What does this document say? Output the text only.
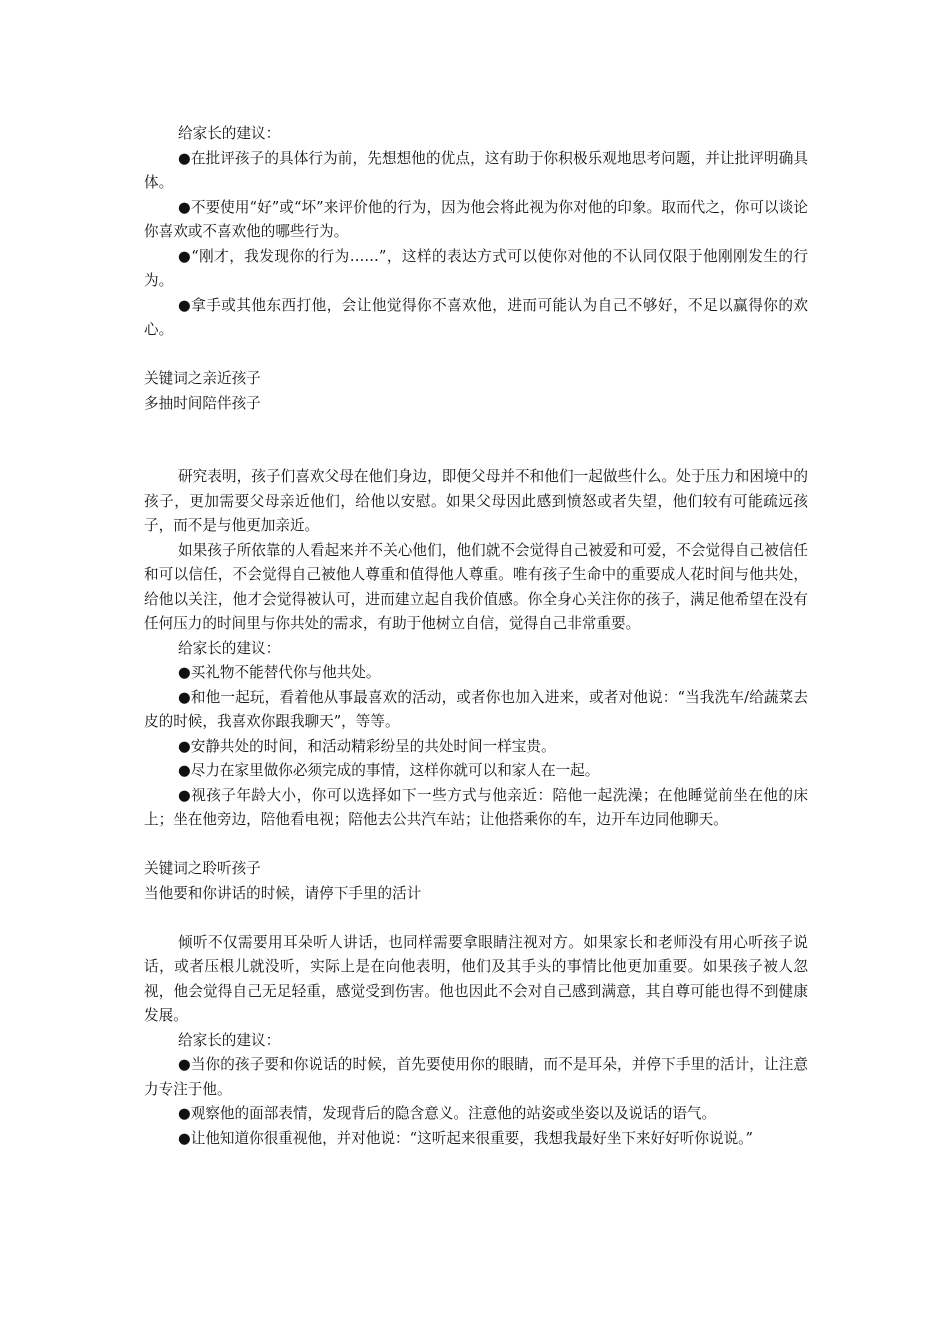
给家长的建议：

●在批评孩子的具体行为前，先想想他的优点，这有助于你积极乐观地思考问题，并让批评明确具体。

●不要使用“好”或“坏”来评价他的行为，因为他会将此视为你对他的印象。取而代之，你可以谈论你喜欢或不喜欢他的哪些行为。

●“刚才，我发现你的行为……”，这样的表达方式可以使你对他的不认同仅限于他刚刚发生的行为。

●拿手或其他东西打他，会让他觉得你不喜欢他，进而可能认为自己不够好，不足以赢得你的欢心。

关键词之亲近孩子

多抽时间陪伴孩子

研究表明，孩子们喜欢父母在他们身边，即便父母并不和他们一起做些什么。处于压力和困境中的孩子，更加需要父母亲近他们，给他以安慰。如果父母因此感到愤怒或者失望，他们较有可能疏远孩子，而不是与他更加亲近。

如果孩子所依靠的人看起来并不关心他们，他们就不会觉得自己被爱和可爱，不会觉得自己被信任和可以信任，不会觉得自己被他人尊重和值得他人尊重。唯有孩子生命中的重要成人花时间与他共处，给他以关注，他才会觉得被认可，进而建立起自我价值感。你全身心关注你的孩子，满足他希望在没有任何压力的时间里与你共处的需求，有助于他树立自信，觉得自己非常重要。

给家长的建议：

●买礼物不能替代你与他共处。

●和他一起玩，看着他从事最喜欢的活动，或者你也加入进来，或者对他说：“当我洗车/给蔬菜去皮的时候，我喜欢你跟我聊天”，等等。

●安静共处的时间，和活动精彩纷呈的共处时间一样宝贵。

●尽力在家里做你必须完成的事情，这样你就可以和家人在一起。

●视孩子年龄大小，你可以选择如下一些方式与他亲近：陪他一起洗澡；在他睡觉前坐在他的床上；坐在他旁边，陪他看电视；陪他去公共汽车站；让他搭乘你的车，边开车边同他聊天。

关键词之聆听孩子

当他要和你讲话的时候，请停下手里的活计

倾听不仅需要用耳朵听人讲话，也同样需要拿眼睛注视对方。如果家长和老师没有用心听孩子说话，或者压根儿就没听，实际上是在向他表明，他们及其手头的事情比他更加重要。如果孩子被人忽视，他会觉得自己无足轻重，感觉受到伤害。他也因此不会对自己感到满意，其自尊可能也得不到健康发展。

给家长的建议：

●当你的孩子要和你说话的时候，首先要使用你的眼睛，而不是耳朵，并停下手里的活计，让注意力专注于他。

●观察他的面部表情，发现背后的隐含意义。注意他的站姿或坐姿以及说话的语气。

●让他知道你很重视他，并对他说：“这听起来很重要，我想我最好坐下来好好听你说说。”
